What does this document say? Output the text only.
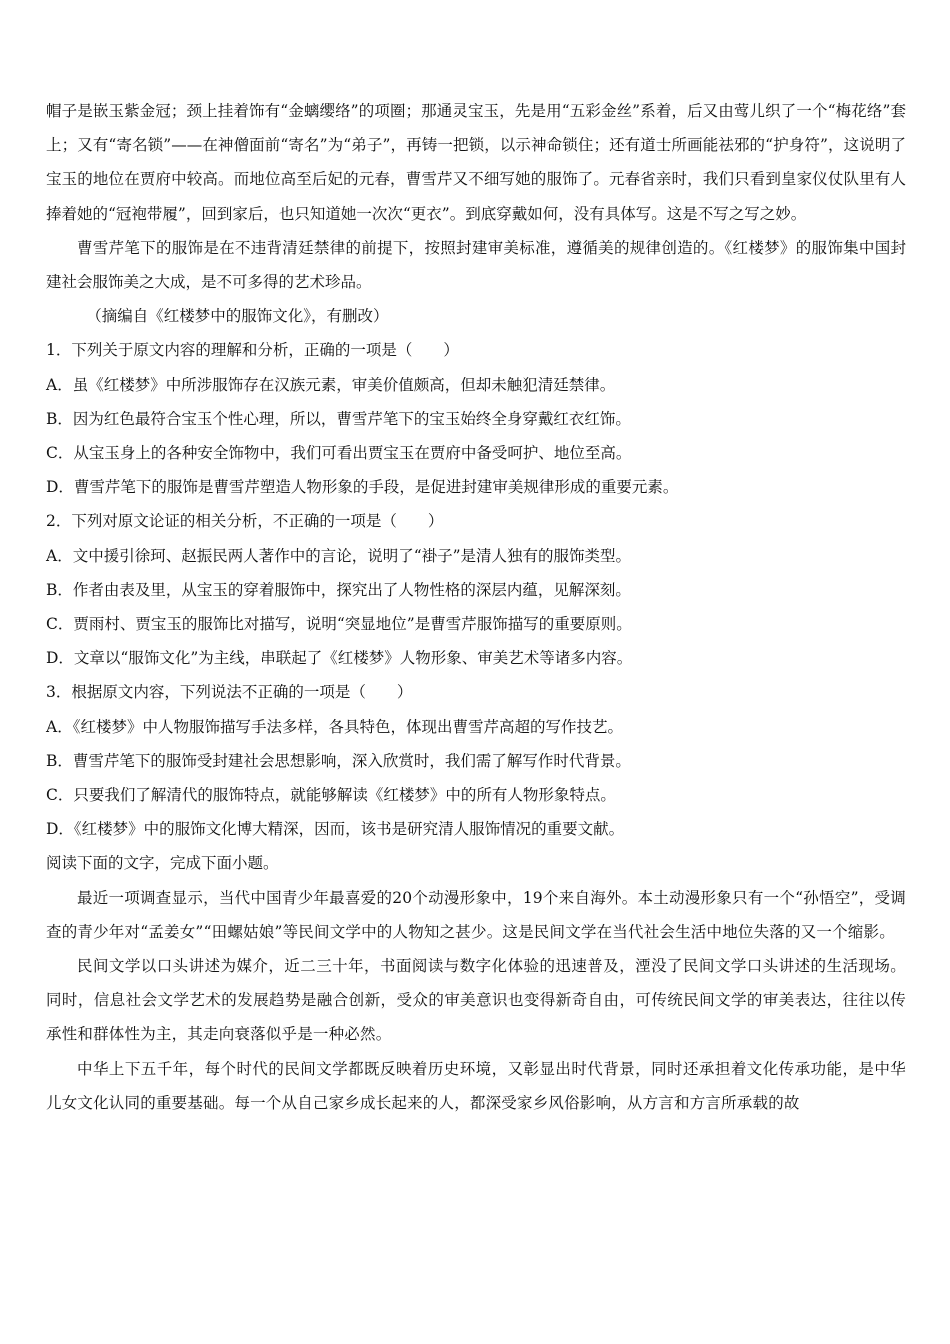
帽子是嵌玉紫金冠；颈上挂着饰有“金螭缨络”的项圈；那通灵宝玉，先是用“五彩金丝”系着，后又由莺儿织了一个“梅花络”套上；又有“寄名锁”——在神僧面前“寄名”为“弟子”，再铸一把锁，以示神命锁住；还有道士所画能祛邪的“护身符”，这说明了宝玉的地位在贾府中较高。而地位高至后妃的元春，曹雪芹又不细写她的服饰了。元春省亲时，我们只看到皇家仪仗队里有人捧着她的“冠袍带履”，回到家后，也只知道她一次次“更衣”。到底穿戴如何，没有具体写。这是不写之写之妙。

曹雪芹笔下的服饰是在不违背清廷禁律的前提下，按照封建审美标准，遵循美的规律创造的。《红楼梦》的服饰集中国封建社会服饰美之大成，是不可多得的艺术珍品。

（摘编自《红楼梦中的服饰文化》，有删改）

1．下列关于原文内容的理解和分析，正确的一项是（　　）

A．虽《红楼梦》中所涉服饰存在汉族元素，审美价值颇高，但却未触犯清廷禁律。

B．因为红色最符合宝玉个性心理，所以，曹雪芹笔下的宝玉始终全身穿戴红衣红饰。

C．从宝玉身上的各种安全饰物中，我们可看出贾宝玉在贾府中备受呵护、地位至高。

D．曹雪芹笔下的服饰是曹雪芹塑造人物形象的手段，是促进封建审美规律形成的重要元素。

2．下列对原文论证的相关分析，不正确的一项是（　　）

A．文中援引徐珂、赵振民两人著作中的言论，说明了“褂子”是清人独有的服饰类型。

B．作者由表及里，从宝玉的穿着服饰中，探究出了人物性格的深层内蕴，见解深刻。

C．贾雨村、贾宝玉的服饰比对描写，说明“突显地位”是曹雪芹服饰描写的重要原则。

D．文章以“服饰文化”为主线，串联起了《红楼梦》人物形象、审美艺术等诸多内容。

3．根据原文内容，下列说法不正确的一项是（　　）

A．《红楼梦》中人物服饰描写手法多样，各具特色，体现出曹雪芹高超的写作技艺。

B．曹雪芹笔下的服饰受封建社会思想影响，深入欣赏时，我们需了解写作时代背景。

C．只要我们了解清代的服饰特点，就能够解读《红楼梦》中的所有人物形象特点。

D．《红楼梦》中的服饰文化博大精深，因而，该书是研究清人服饰情况的重要文献。

阅读下面的文字，完成下面小题。

最近一项调查显示，当代中国青少年最喜爱的20个动漫形象中，19个来自海外。本土动漫形象只有一个“孙悟空”，受调查的青少年对“孟姜女”“田螺姑娘”等民间文学中的人物知之甚少。这是民间文学在当代社会生活中地位失落的又一个缩影。

民间文学以口头讲述为媒介，近二三十年，书面阅读与数字化体验的迅速普及，湮没了民间文学口头讲述的生活现场。同时，信息社会文学艺术的发展趋势是融合创新，受众的审美意识也变得新奇自由，可传统民间文学的审美表达，往往以传承性和群体性为主，其走向衰落似乎是一种必然。

中华上下五千年，每个时代的民间文学都既反映着历史环境，又彰显出时代背景，同时还承担着文化传承功能，是中华儿女文化认同的重要基础。每一个从自己家乡成长起来的人，都深受家乡风俗影响，从方言和方言所承载的故
